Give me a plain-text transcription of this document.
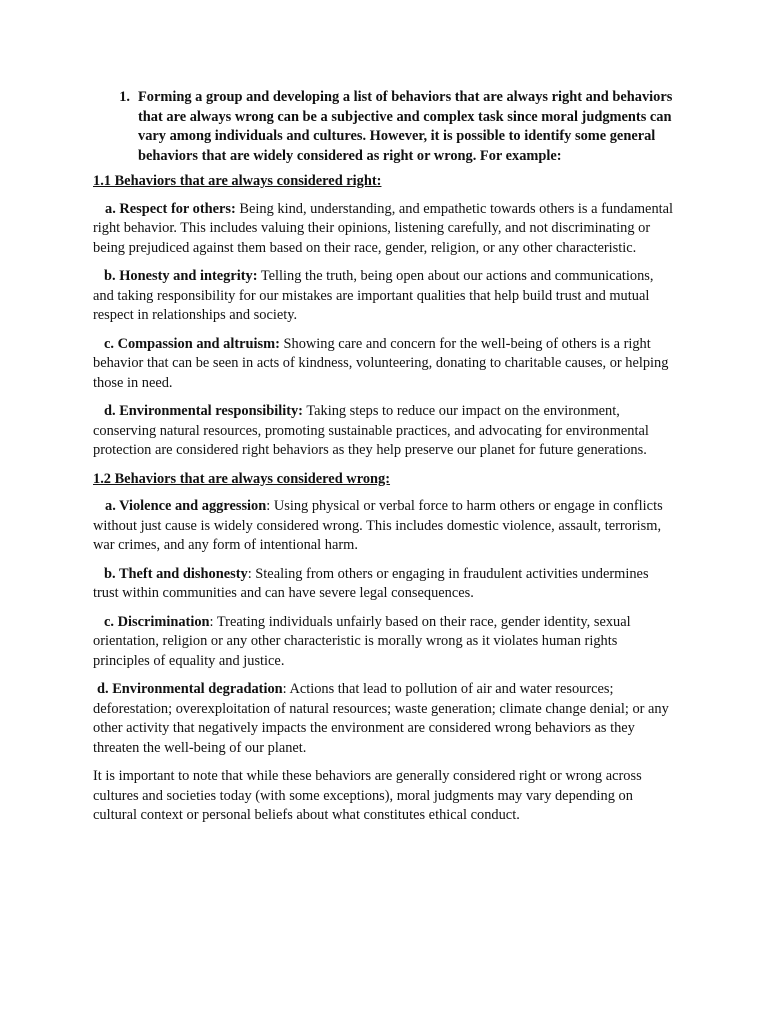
1. Forming a group and developing a list of behaviors that are always right and behaviors that are always wrong can be a subjective and complex task since moral judgments can vary among individuals and cultures. However, it is possible to identify some general behaviors that are widely considered as right or wrong. For example:
1.1 Behaviors that are always considered right:

a. Respect for others: Being kind, understanding, and empathetic towards others is a fundamental right behavior. This includes valuing their opinions, listening carefully, and not discriminating or being prejudiced against them based on their race, gender, religion, or any other characteristic.

b. Honesty and integrity: Telling the truth, being open about our actions and communications, and taking responsibility for our mistakes are important qualities that help build trust and mutual respect in relationships and society.

c. Compassion and altruism: Showing care and concern for the well-being of others is a right behavior that can be seen in acts of kindness, volunteering, donating to charitable causes, or helping those in need.

d. Environmental responsibility: Taking steps to reduce our impact on the environment, conserving natural resources, promoting sustainable practices, and advocating for environmental protection are considered right behaviors as they help preserve our planet for future generations.

1.2 Behaviors that are always considered wrong:

a. Violence and aggression: Using physical or verbal force to harm others or engage in conflicts without just cause is widely considered wrong. This includes domestic violence, assault, terrorism, war crimes, and any form of intentional harm.

b. Theft and dishonesty: Stealing from others or engaging in fraudulent activities undermines trust within communities and can have severe legal consequences.

c. Discrimination: Treating individuals unfairly based on their race, gender identity, sexual orientation, religion or any other characteristic is morally wrong as it violates human rights principles of equality and justice.

d. Environmental degradation: Actions that lead to pollution of air and water resources; deforestation; overexploitation of natural resources; waste generation; climate change denial; or any other activity that negatively impacts the environment are considered wrong behaviors as they threaten the well-being of our planet.

It is important to note that while these behaviors are generally considered right or wrong across cultures and societies today (with some exceptions), moral judgments may vary depending on cultural context or personal beliefs about what constitutes ethical conduct.
